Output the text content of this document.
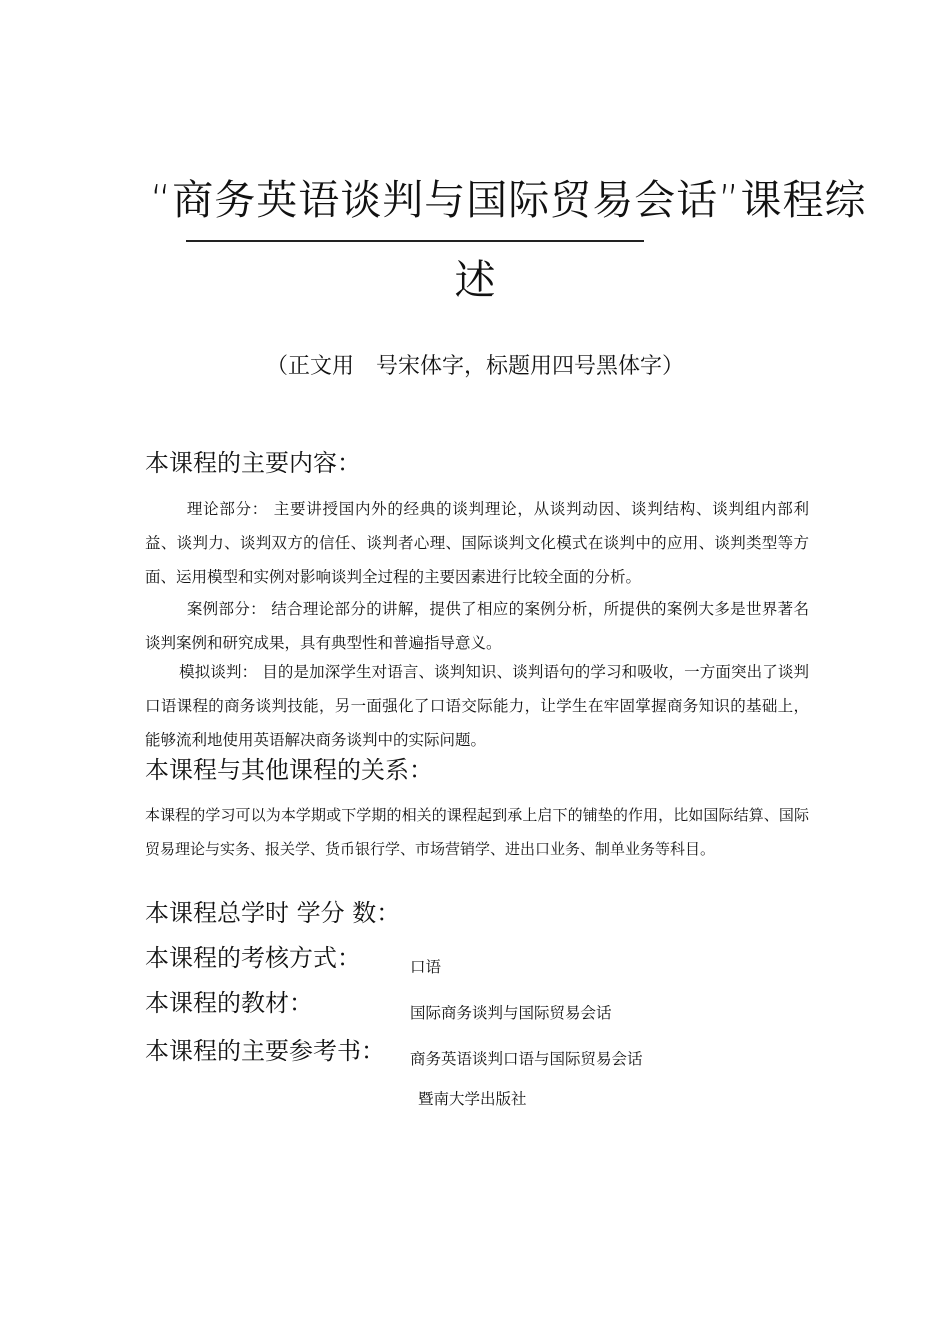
“商务英语谈判与国际贸易会话”课程综
述
（正文用　号宋体字，标题用四号黑体字）
本课程的主要内容：
理论部分： 主要讲授国内外的经典的谈判理论，从谈判动因、谈判结构、谈判组内部利益、谈判力、谈判双方的信任、谈判者心理、国际谈判文化模式在谈判中的应用、谈判类型等方面、运用模型和实例对影响谈判全过程的主要因素进行比较全面的分析。
案例部分： 结合理论部分的讲解，提供了相应的案例分析，所提供的案例大多是世界著名谈判案例和研究成果，具有典型性和普遍指导意义。
模拟谈判： 目的是加深学生对语言、谈判知识、谈判语句的学习和吸收，一方面突出了谈判口语课程的商务谈判技能，另一面强化了口语交际能力，让学生在牢固掌握商务知识的基础上，能够流利地使用英语解决商务谈判中的实际问题。
本课程与其他课程的关系：
本课程的学习可以为本学期或下学期的相关的课程起到承上启下的铺垫的作用，比如国际结算、国际贸易理论与实务、报关学、货币银行学、市场营销学、进出口业务、制单业务等科目。
本课程总学时 学分 数：
本课程的考核方式：	口语
本课程的教材：	国际商务谈判与国际贸易会话
本课程的主要参考书： 商务英语谈判口语与国际贸易会话
暨南大学出版社
